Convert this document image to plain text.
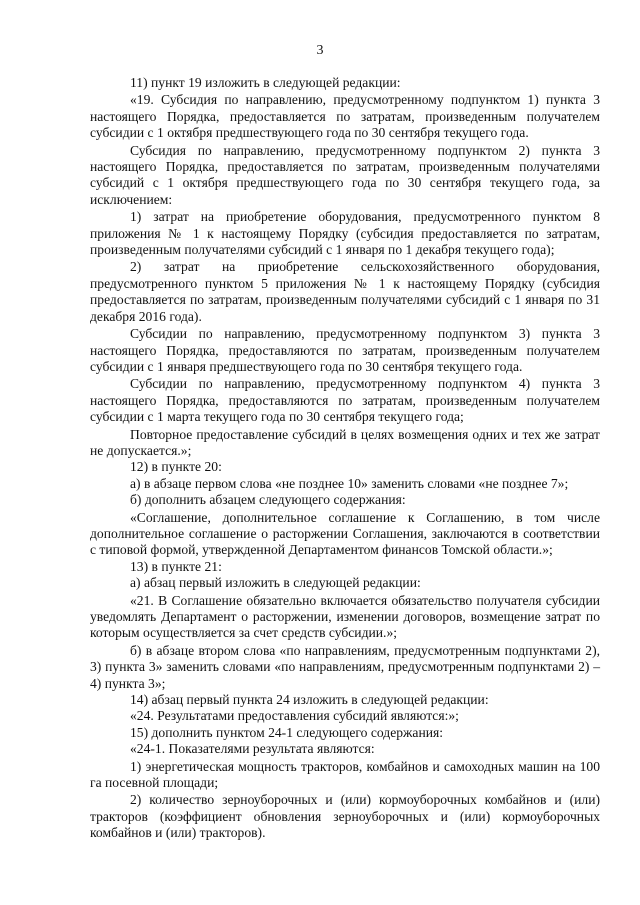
3

11) пункт 19 изложить в следующей редакции:

«19. Субсидия по направлению, предусмотренному подпунктом 1) пункта 3 настоящего Порядка, предоставляется по затратам, произведенным получателем субсидии с 1 октября предшествующего года по 30 сентября текущего года.

Субсидия по направлению, предусмотренному подпунктом 2) пункта 3 настоящего Порядка, предоставляется по затратам, произведенным получателями субсидий с 1 октября предшествующего года по 30 сентября текущего года, за исключением:

1) затрат на приобретение оборудования, предусмотренного пунктом 8 приложения № 1 к настоящему Порядку (субсидия предоставляется по затратам, произведенным получателями субсидий с 1 января по 1 декабря текущего года);

2) затрат на приобретение сельскохозяйственного оборудования, предусмотренного пунктом 5 приложения № 1 к настоящему Порядку (субсидия предоставляется по затратам, произведенным получателями субсидий с 1 января по 31 декабря 2016 года).

Субсидии по направлению, предусмотренному подпунктом 3) пункта 3 настоящего Порядка, предоставляются по затратам, произведенным получателем субсидии с 1 января предшествующего года по 30 сентября текущего года.

Субсидии по направлению, предусмотренному подпунктом 4) пункта 3 настоящего Порядка, предоставляются по затратам, произведенным получателем субсидии с 1 марта текущего года по 30 сентября текущего года;

Повторное предоставление субсидий в целях возмещения одних и тех же затрат не допускается.»;

12) в пункте 20:

а) в абзаце первом слова «не позднее 10» заменить словами «не позднее 7»;

б) дополнить абзацем следующего содержания:

«Соглашение, дополнительное соглашение к Соглашению, в том числе дополнительное соглашение о расторжении Соглашения, заключаются в соответствии с типовой формой, утвержденной Департаментом финансов Томской области.»;

13) в пункте 21:

а) абзац первый изложить в следующей редакции:

«21. В Соглашение обязательно включается обязательство получателя субсидии уведомлять Департамент о расторжении, изменении договоров, возмещение затрат по которым осуществляется за счет средств субсидии.»;

б) в абзаце втором слова «по направлениям, предусмотренным подпунктами 2), 3) пункта 3» заменить словами «по направлениям, предусмотренным подпунктами 2) – 4) пункта 3»;

14) абзац первый пункта 24 изложить в следующей редакции:

«24. Результатами предоставления субсидий являются:»;

15) дополнить пунктом 24-1 следующего содержания:

«24-1. Показателями результата являются:

1) энергетическая мощность тракторов, комбайнов и самоходных машин на 100 га посевной площади;

2) количество зерноуборочных и (или) кормоуборочных комбайнов и (или) тракторов (коэффициент обновления зерноуборочных и (или) кормоуборочных комбайнов и (или) тракторов).
